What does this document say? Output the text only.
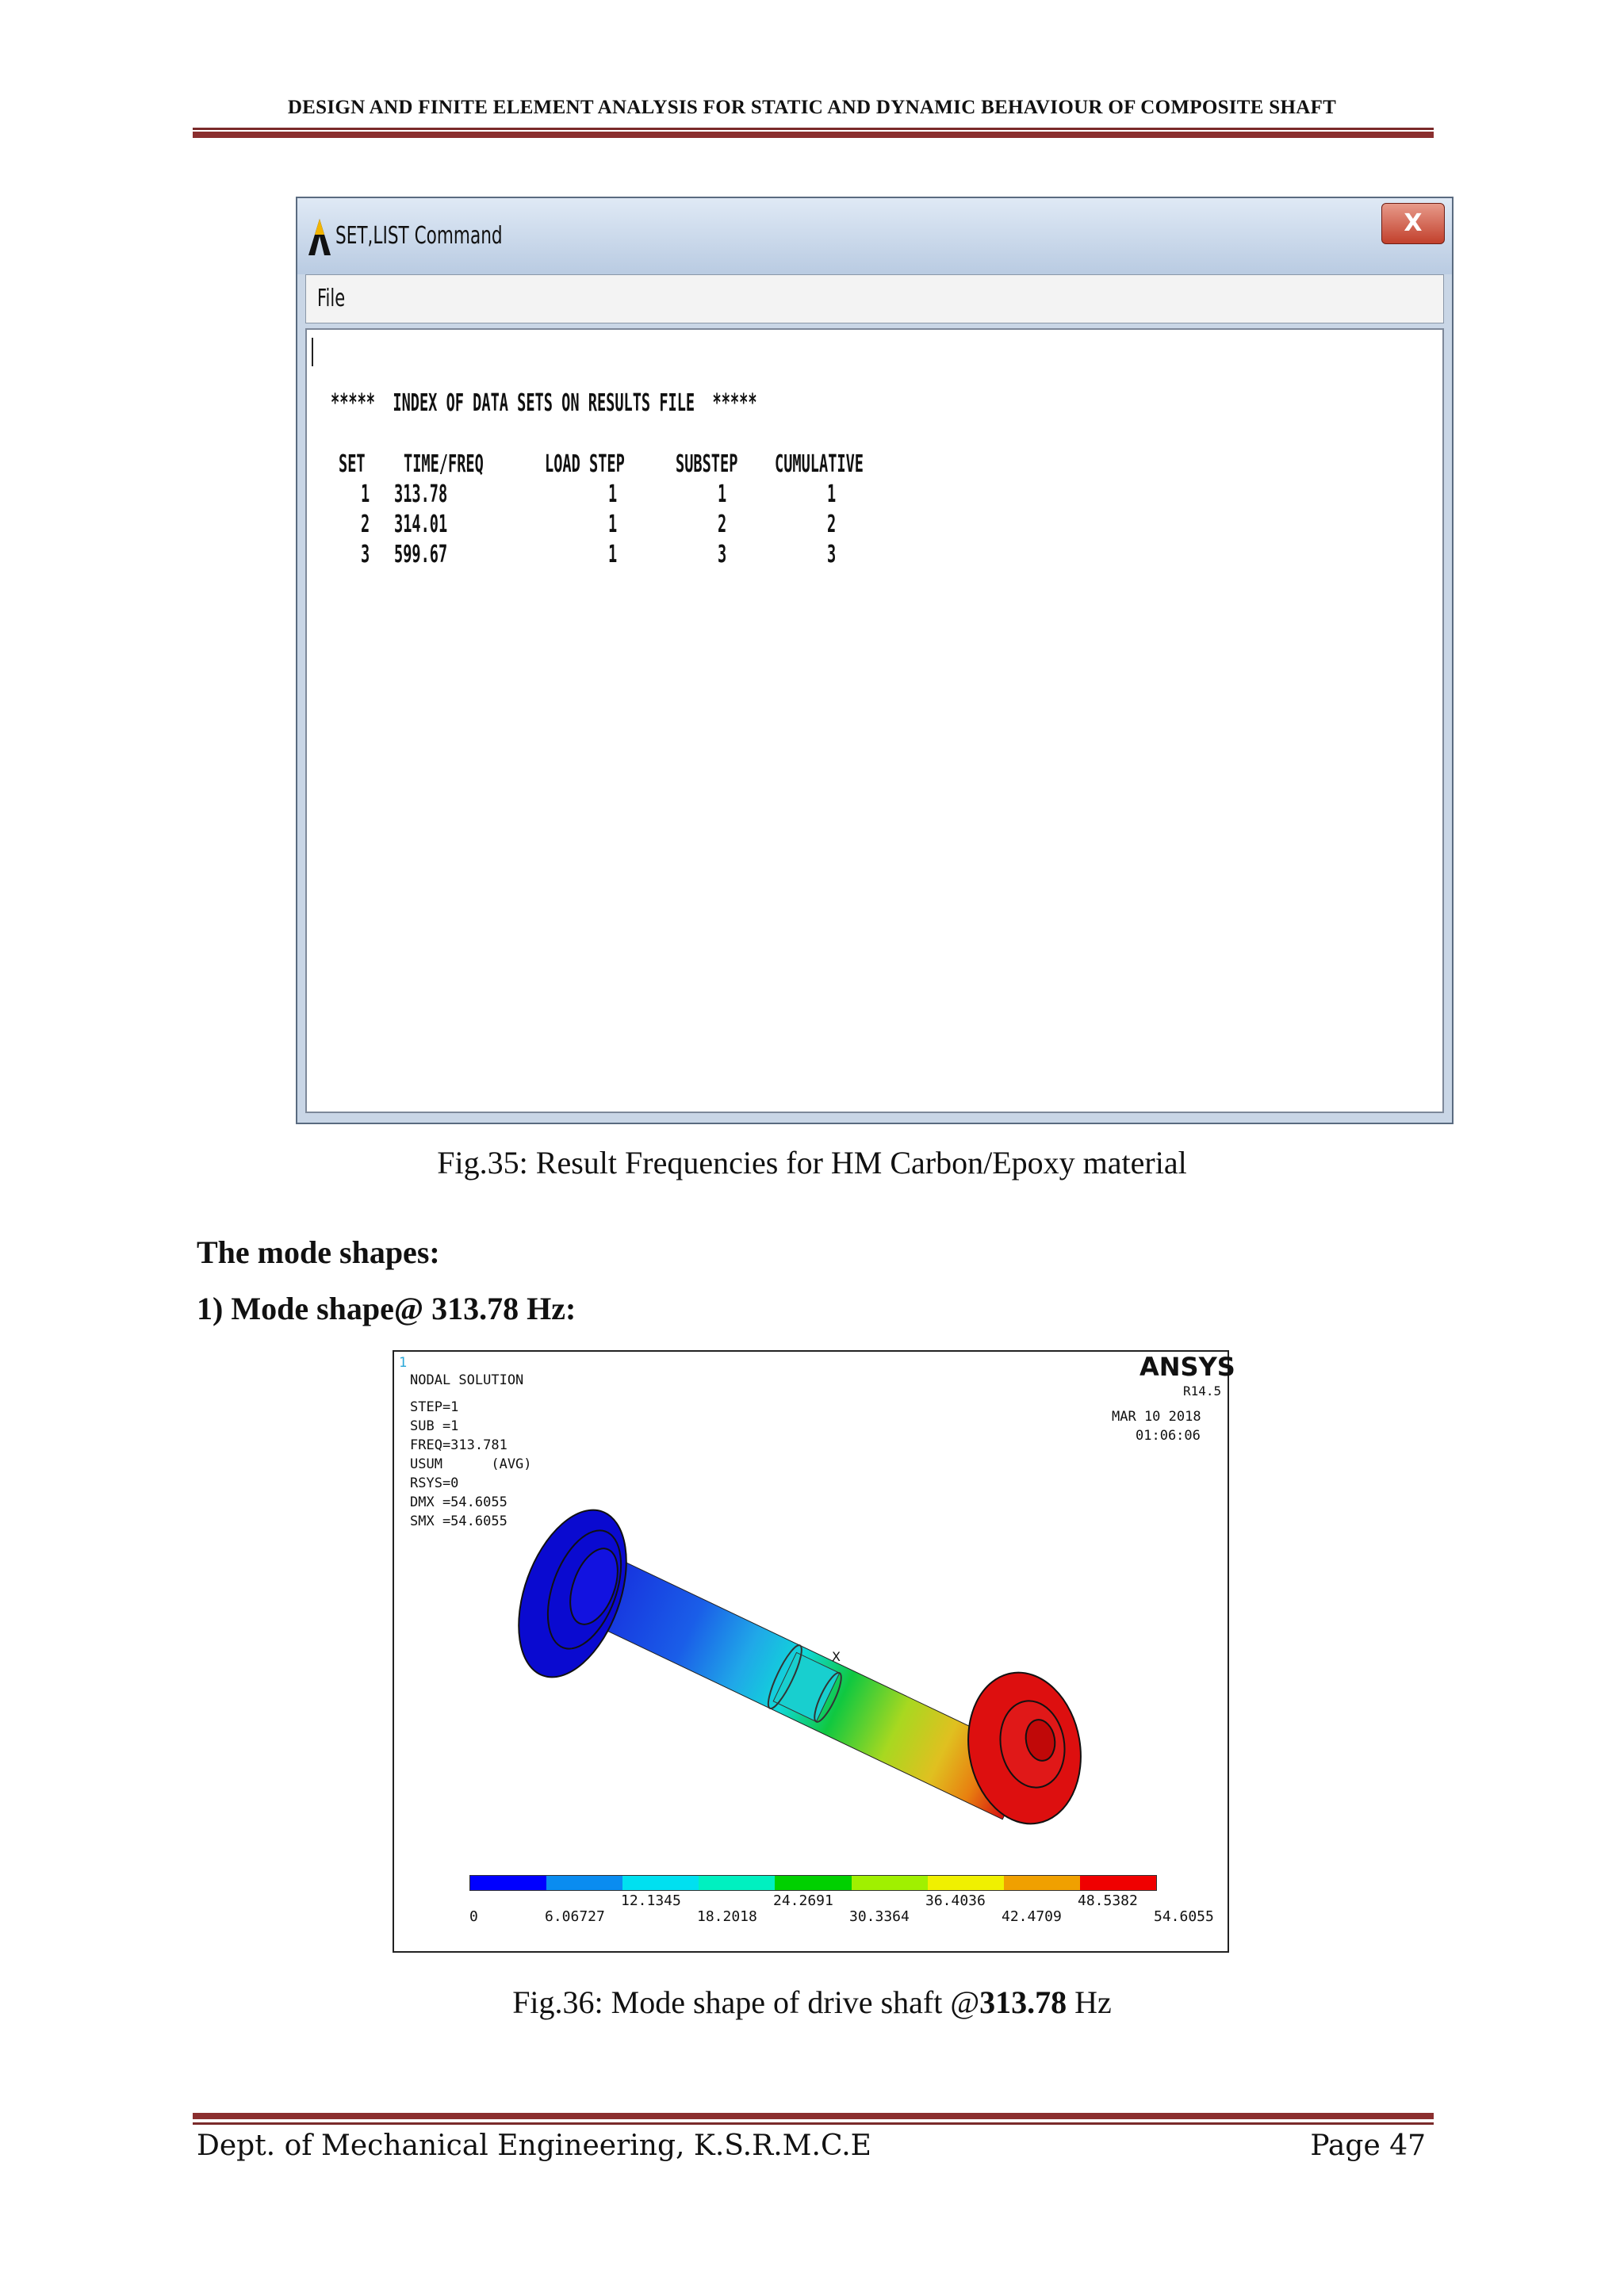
DESIGN AND FINITE ELEMENT ANALYSIS FOR STATIC AND DYNAMIC BEHAVIOUR OF COMPOSITE SHAFT
SET,LIST Command	X
File
*****  INDEX OF DATA SETS ON RESULTS FILE  *****
SET TIME/FREQ	LOAD STEP SUBSTEP CUMULATIVE
1 313.78	1	1	1
2 314.01	1	2	2
3 599.67	1	3	3
Fig.35: Result Frequencies for HM Carbon/Epoxy material
The mode shapes:
1) Mode shape@ 313.78 Hz:
1
NODAL SOLUTION
STEP=1
SUB =1
FREQ=313.781
USUM      (AVG)
RSYS=0
DMX =54.6055
SMX =54.6055
ANSYS
R14.5
MAR 10 2018
01:06:06
X
12.1345	24.2691	36.4036	48.5382
0	6.06727	18.2018	30.3364	42.4709	54.6055
Fig.36: Mode shape of drive shaft @313.78 Hz
Dept. of Mechanical Engineering, K.S.R.M.C.E	Page 47
